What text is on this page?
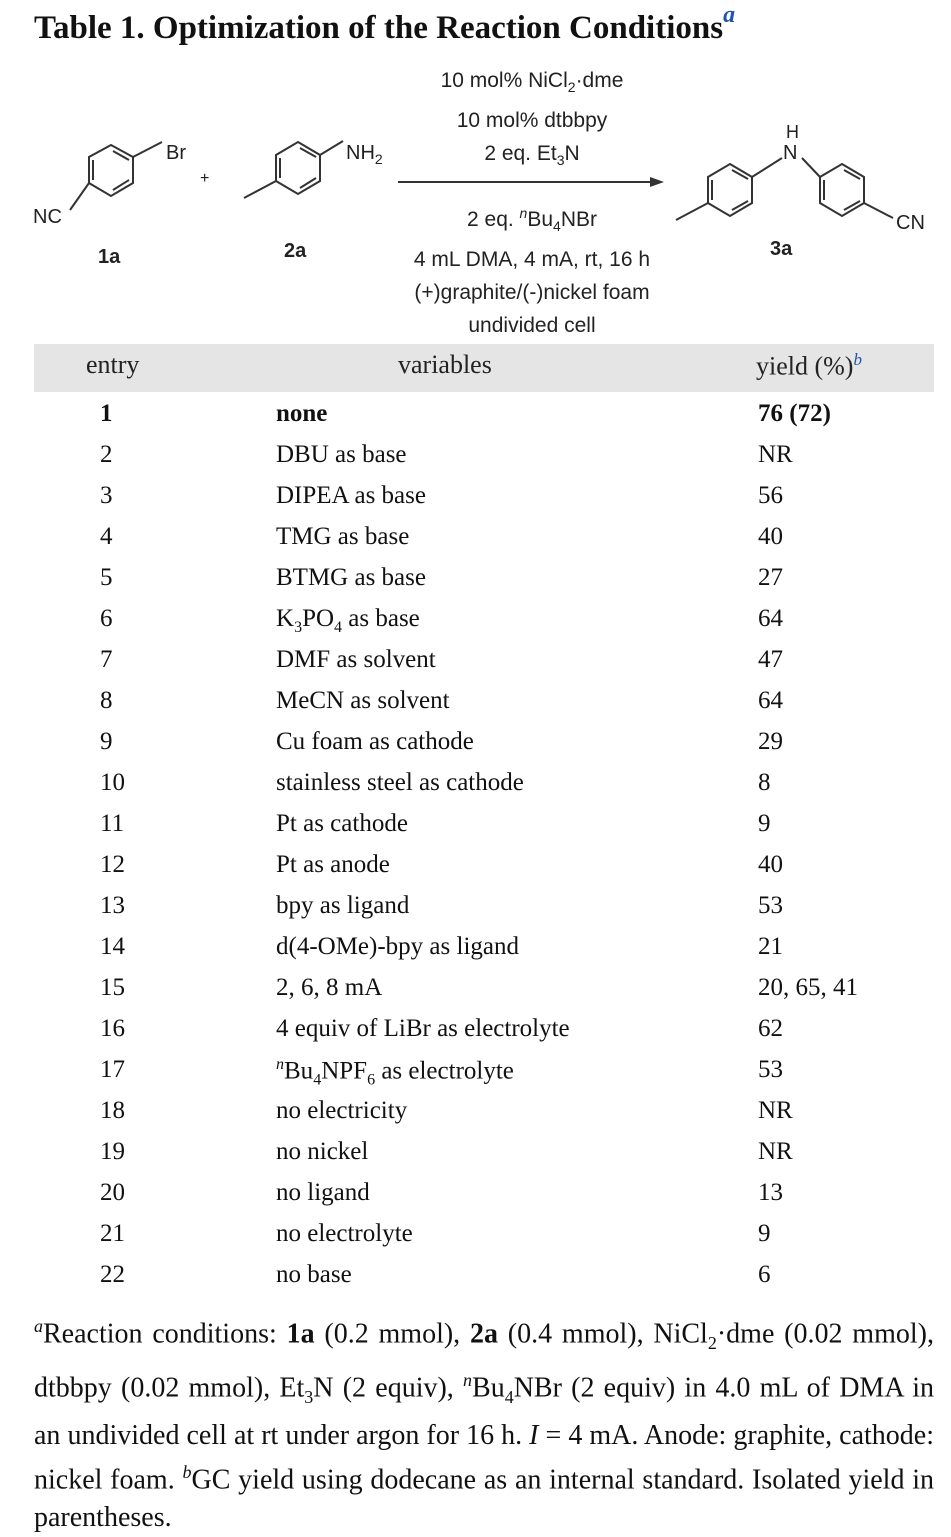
Table 1. Optimization of the Reaction Conditions$^a$
Br
NC
+
$NH_2$
H
N
CN
1a	2a	3a
10 mol% NiCl$_2$·dme
10 mol% dtbbpy
2 eq. $Et_3N$
2 eq. $^nBu_4NBr$
4 mL DMA, 4 mA, rt, 16 h
(+)graphite/(-)nickel foam
undivided cell
entry	variables	yield (%)$^b$
1	none	76 (72)
2	DBU as base	NR
3	DIPEA as base	56
4	TMG as base	40
5	BTMG as base	27
6	$K_3PO_4$ as base	64
7	DMF as solvent	47
8	MeCN as solvent	64
9	Cu foam as cathode	29
10	stainless steel as cathode	8
11	Pt as cathode	9
12	Pt as anode	40
13	bpy as ligand	53
14	d(4-OMe)-bpy as ligand	21
15	2, 6, 8 mA	20, 65, 41
16	4 equiv of LiBr as electrolyte	62
17	$^nBu_4NPF_6$ as electrolyte	53
18	no electricity	NR
19	no nickel	NR
20	no ligand	13
21	no electrolyte	9
22	no base	6
$^a$Reaction conditions: 1a (0.2 mmol), 2a (0.4 mmol), NiCl$_2$·dme (0.02 mmol), dtbbpy (0.02 mmol), $Et_3N$ (2 equiv), $^nBu_4NBr$ (2 equiv) in 4.0 mL of DMA in an undivided cell at rt under argon for 16 h. I = 4 mA. Anode: graphite, cathode: nickel foam. $^b$GC yield using dodecane as an internal standard. Isolated yield in parentheses.
